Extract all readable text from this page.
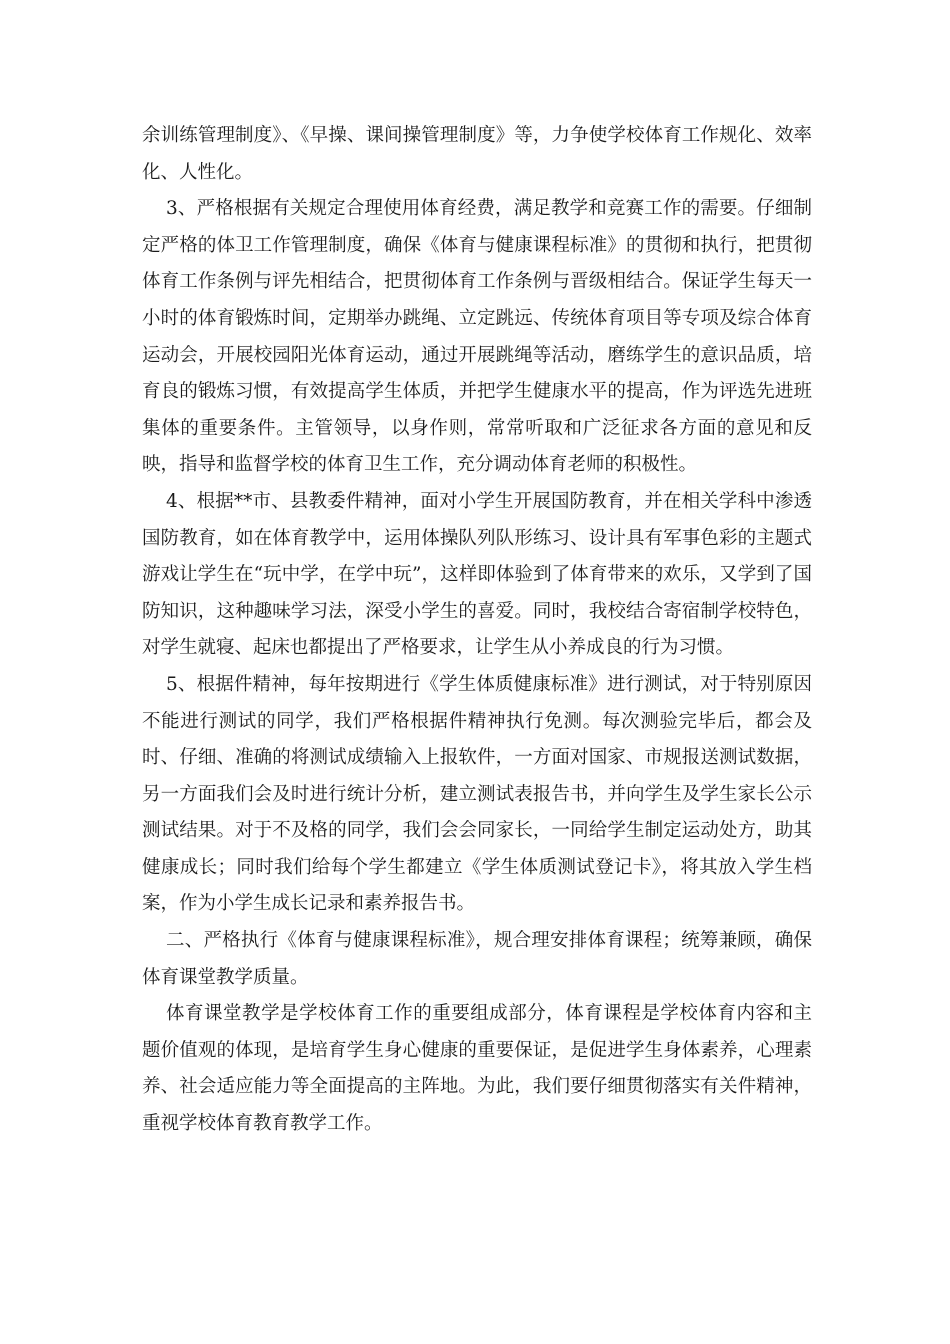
余训练管理制度》、《早操、课间操管理制度》等，力争使学校体育工作规化、效率化、人性化。

3、严格根据有关规定合理使用体育经费，满足教学和竞赛工作的需要。仔细制定严格的体卫工作管理制度，确保《体育与健康课程标准》的贯彻和执行，把贯彻体育工作条例与评先相结合，把贯彻体育工作条例与晋级相结合。保证学生每天一小时的体育锻炼时间，定期举办跳绳、立定跳远、传统体育项目等专项及综合体育运动会，开展校园阳光体育运动，通过开展跳绳等活动，磨练学生的意识品质，培育良的锻炼习惯，有效提高学生体质，并把学生健康水平的提高，作为评选先进班集体的重要条件。主管领导，以身作则，常常听取和广泛征求各方面的意见和反映，指导和监督学校的体育卫生工作，充分调动体育老师的积极性。

4、根据**市、县教委件精神，面对小学生开展国防教育，并在相关学科中渗透国防教育，如在体育教学中，运用体操队列队形练习、设计具有军事色彩的主题式游戏让学生在“玩中学，在学中玩”，这样即体验到了体育带来的欢乐，又学到了国防知识，这种趣味学习法，深受小学生的喜爱。同时，我校结合寄宿制学校特色，对学生就寝、起床也都提出了严格要求，让学生从小养成良的行为习惯。

5、根据件精神，每年按期进行《学生体质健康标准》进行测试，对于特别原因不能进行测试的同学，我们严格根据件精神执行免测。每次测验完毕后，都会及时、仔细、准确的将测试成绩输入上报软件，一方面对国家、市规报送测试数据，另一方面我们会及时进行统计分析，建立测试表报告书，并向学生及学生家长公示测试结果。对于不及格的同学，我们会会同家长，一同给学生制定运动处方，助其健康成长；同时我们给每个学生都建立《学生体质测试登记卡》，将其放入学生档案，作为小学生成长记录和素养报告书。

二、严格执行《体育与健康课程标准》，规合理安排体育课程；统筹兼顾，确保体育课堂教学质量。

体育课堂教学是学校体育工作的重要组成部分，体育课程是学校体育内容和主题价值观的体现，是培育学生身心健康的重要保证，是促进学生身体素养，心理素养、社会适应能力等全面提高的主阵地。为此，我们要仔细贯彻落实有关件精神，重视学校体育教育教学工作。
